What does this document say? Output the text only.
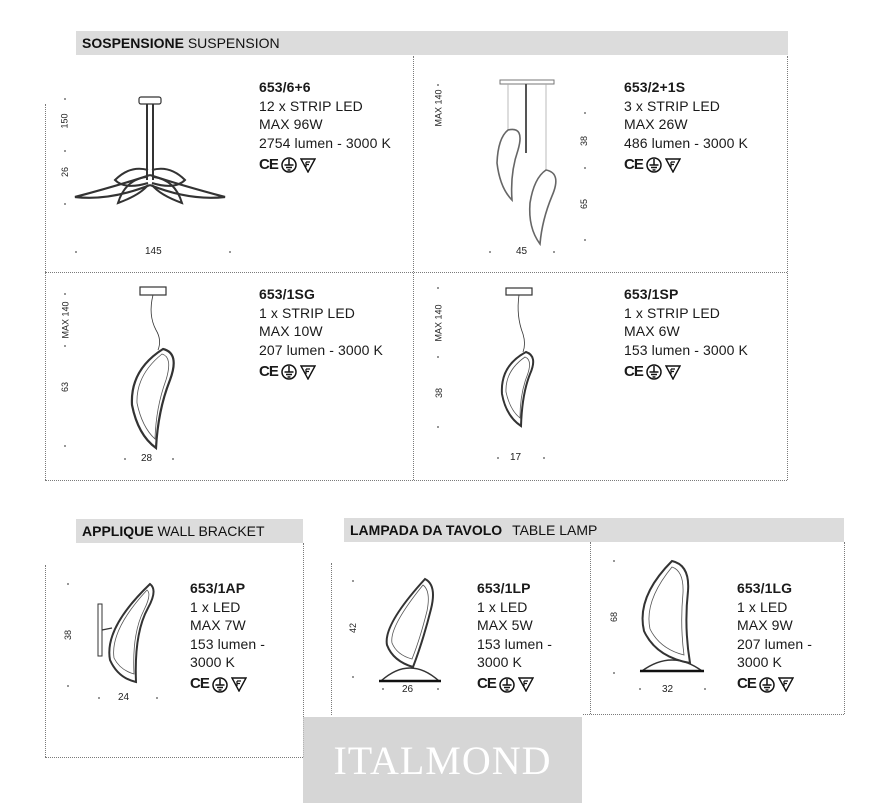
SOSPENSIONE SUSPENSION
APPLIQUE WALL BRACKET	LAMPADA DA TAVOLO TABLE LAMP
150
26
145
653/6+6
12 x STRIP LED
MAX 96W
2754 lumen - 3000 K
CE
MAX 140
38
65
45
653/2+1S
3 x STRIP LED
MAX 26W
486 lumen - 3000 K
CE
MAX 140
63
28
653/1SG
1 x STRIP LED
MAX 10W
207 lumen - 3000 K
CE
MAX 140
38
17
653/1SP
1 x STRIP LED
MAX 6W
153 lumen - 3000 K
CE
38
24
653/1AP
1 x LED
MAX 7W
153 lumen -
3000 K
CE
42
26
653/1LP
1 x LED
MAX 5W
153 lumen -
3000 K
CE
68
32
653/1LG
1 x LED
MAX 9W
207 lumen -
3000 K
CE
ITALMOND
